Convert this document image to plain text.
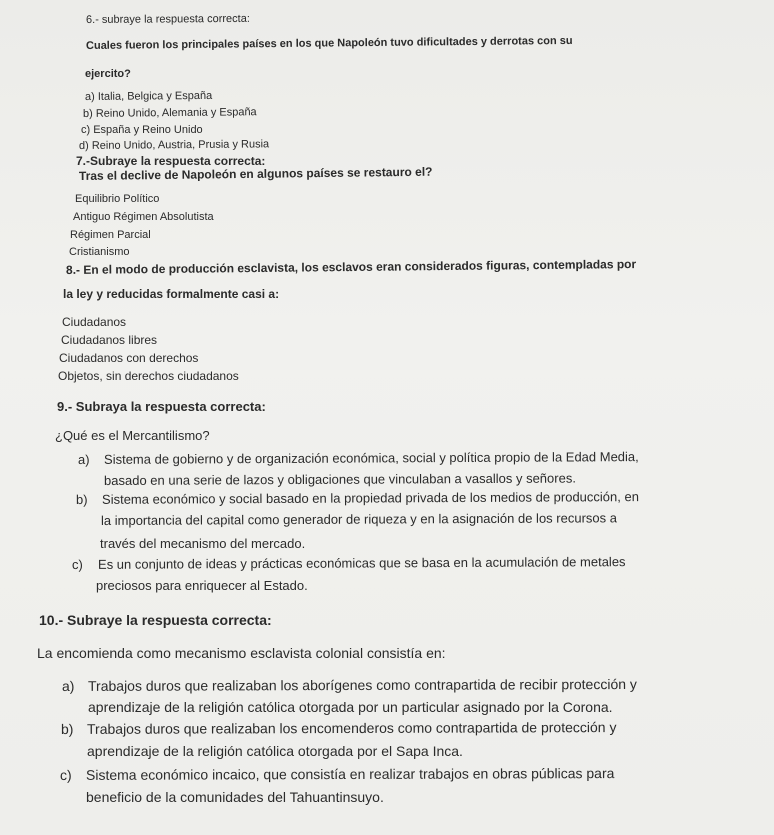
6.- subraye la respuesta correcta:
Cuales fueron los principales países en los que Napoleón tuvo dificultades y derrotas con su
ejercito?
a) Italia, Belgica y España
b) Reino Unido, Alemania y España
c) España y Reino Unido
d) Reino Unido, Austria, Prusia y Rusia
7.-Subraye la respuesta correcta:
Tras el declive de Napoleón en algunos países se restauro el?
Equilibrio Político
Antiguo Régimen Absolutista
Régimen Parcial
Cristianismo
8.- En el modo de producción esclavista, los esclavos eran considerados figuras, contempladas por
la ley y reducidas formalmente casi a:
Ciudadanos
Ciudadanos libres
Ciudadanos con derechos
Objetos, sin derechos ciudadanos
9.- Subraya la respuesta correcta:
¿Qué es el Mercantilismo?
a) Sistema de gobierno y de organización económica, social y política propio de la Edad Media,
basado en una serie de lazos y obligaciones que vinculaban a vasallos y señores.
b) Sistema económico y social basado en la propiedad privada de los medios de producción, en
la importancia del capital como generador de riqueza y en la asignación de los recursos a
través del mecanismo del mercado.
c) Es un conjunto de ideas y prácticas económicas que se basa en la acumulación de metales
preciosos para enriquecer al Estado.
10.- Subraye la respuesta correcta:
La encomienda como mecanismo esclavista colonial consistía en:
a) Trabajos duros que realizaban los aborígenes como contrapartida de recibir protección y
aprendizaje de la religión católica otorgada por un particular asignado por la Corona.
b) Trabajos duros que realizaban los encomenderos como contrapartida de protección y
aprendizaje de la religión católica otorgada por el Sapa Inca.
c) Sistema económico incaico, que consistía en realizar trabajos en obras públicas para
beneficio de la comunidades del Tahuantinsuyo.
